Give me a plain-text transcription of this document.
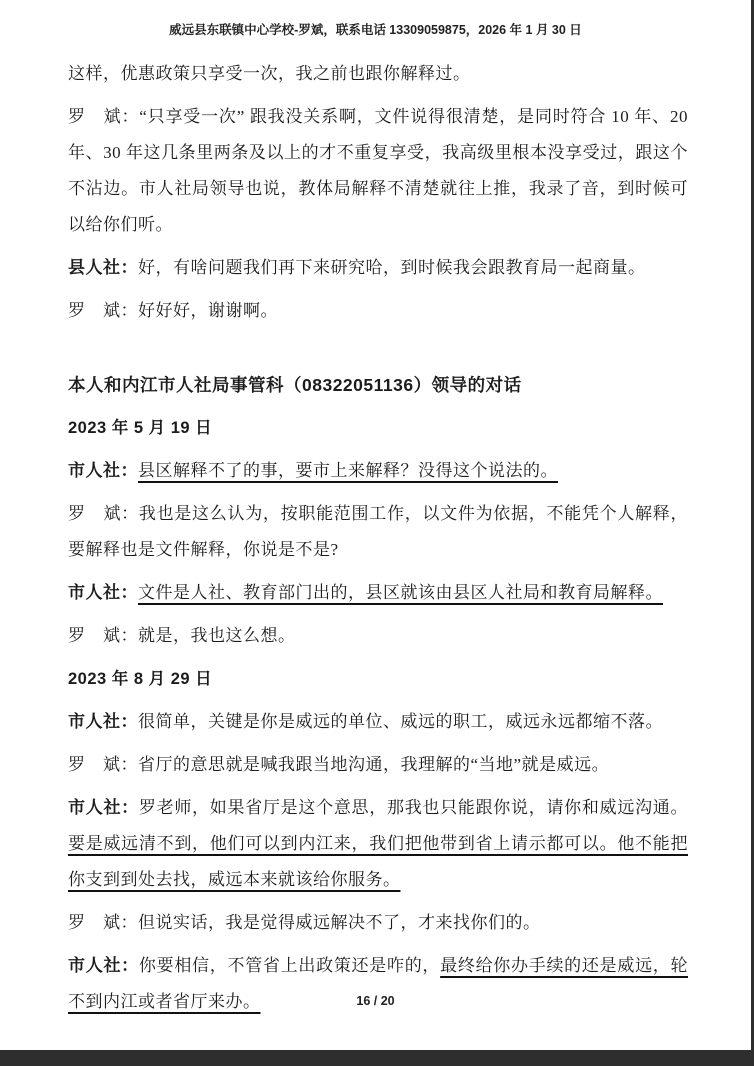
威远县东联镇中心学校-罗斌，联系电话 13309059875，2026 年 1 月 30 日

这样，优惠政策只享受一次，我之前也跟你解释过。

罗　斌：“只享受一次” 跟我没关系啊，文件说得很清楚，是同时符合 10 年、20 年、30 年这几条里两条及以上的才不重复享受，我高级里根本没享受过，跟这个不沾边。市人社局领导也说，教体局解释不清楚就往上推，我录了音，到时候可以给你们听。

县人社：好，有啥问题我们再下来研究哈，到时候我会跟教育局一起商量。

罗　斌：好好好，谢谢啊。

本人和内江市人社局事管科（08322051136）领导的对话

2023 年 5 月 19 日

市人社：县区解释不了的事，要市上来解释？没得这个说法的。

罗　斌：我也是这么认为，按职能范围工作，以文件为依据，不能凭个人解释，要解释也是文件解释，你说是不是?

市人社：文件是人社、教育部门出的，县区就该由县区人社局和教育局解释。

罗　斌：就是，我也这么想。

2023 年 8 月 29 日

市人社：很简单，关键是你是威远的单位、威远的职工，威远永远都缩不落。

罗　斌：省厅的意思就是喊我跟当地沟通，我理解的“当地”就是威远。

市人社：罗老师，如果省厅是这个意思，那我也只能跟你说，请你和威远沟通。要是威远清不到，他们可以到内江来，我们把他带到省上请示都可以。他不能把你支到到处去找，威远本来就该给你服务。

罗　斌：但说实话，我是觉得威远解决不了，才来找你们的。

市人社：你要相信，不管省上出政策还是咋的，最终给你办手续的还是威远，轮不到内江或者省厅来办。	16 / 20
